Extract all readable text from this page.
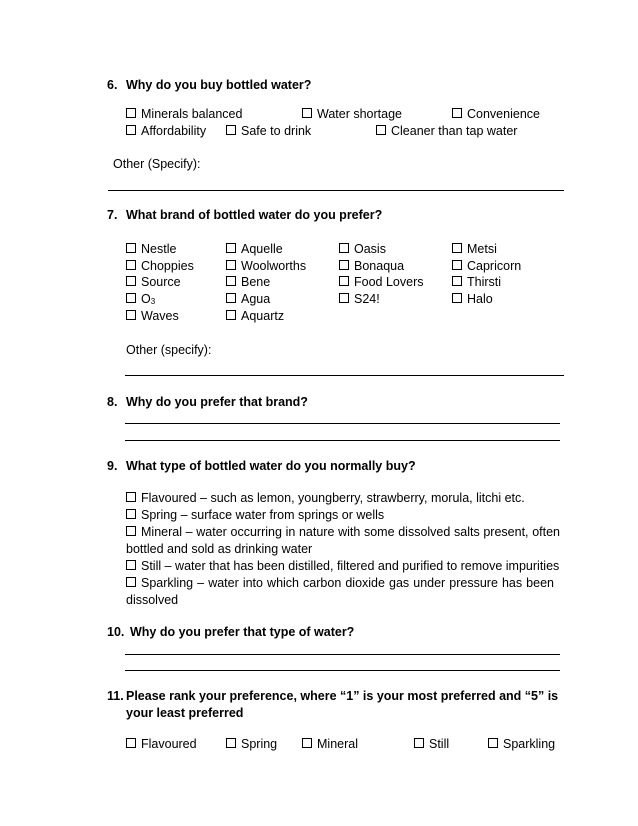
6. Why do you buy bottled water?
Minerals balanced	Water shortage	Convenience
Affordability	Safe to drink	Cleaner than tap water
Other (Specify):
7. What brand of bottled water do you prefer?
Nestle	Aquelle	Oasis	Metsi
Choppies	Woolworths	Bonaqua	Capricorn
Source	Bene	Food Lovers	Thirsti
$O_3$	Agua	S24!	Halo
Waves	Aquartz
Other (specify):
8. Why do you prefer that brand?
9. What type of bottled water do you normally buy?
Flavoured – such as lemon, youngberry, strawberry, morula, litchi etc.
Spring – surface water from springs or wells
Mineral – water occurring in nature with some dissolved salts present, often bottled and sold as drinking water
Still – water that has been distilled, filtered and purified to remove impurities
Sparkling – water into which carbon dioxide gas under pressure has been dissolved
10. Why do you prefer that type of water?
11. Please rank your preference, where “1” is your most preferred and “5” is your least preferred
Flavoured	Spring	Mineral	Still	Sparkling
